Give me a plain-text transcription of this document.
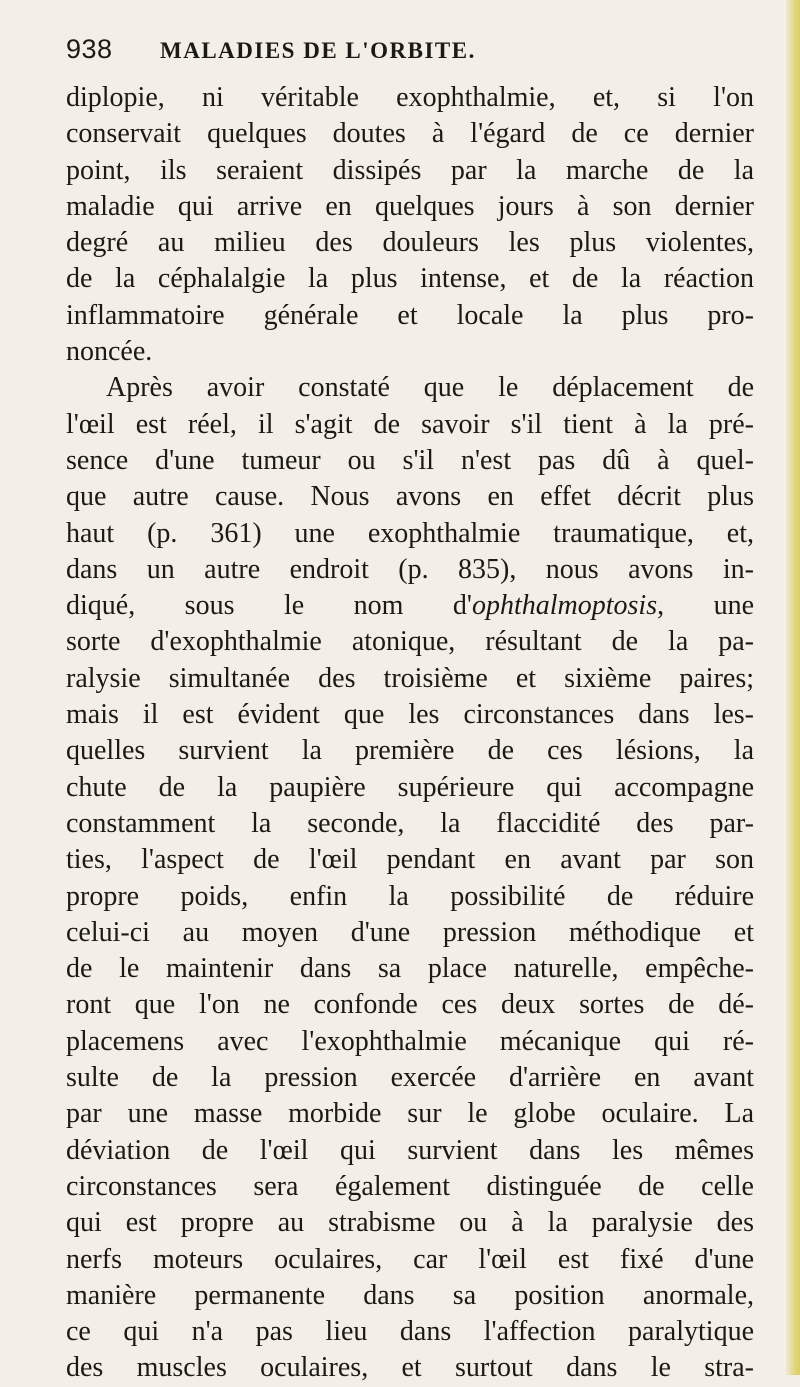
938	MALADIES DE L'ORBITE.
diplopie, ni véritable exophthalmie, et, si l'on
conservait quelques doutes à l'égard de ce dernier
point, ils seraient dissipés par la marche de la
maladie qui arrive en quelques jours à son dernier
degré au milieu des douleurs les plus violentes,
de la céphalalgie la plus intense, et de la réaction
inflammatoire générale et locale la plus pro-
noncée.
Après avoir constaté que le déplacement de
l'œil est réel, il s'agit de savoir s'il tient à la pré-
sence d'une tumeur ou s'il n'est pas dû à quel-
que autre cause. Nous avons en effet décrit plus
haut (p. 361) une exophthalmie traumatique, et,
dans un autre endroit (p. 835), nous avons in-
diqué, sous le nom d'ophthalmoptosis, une
sorte d'exophthalmie atonique, résultant de la pa-
ralysie simultanée des troisième et sixième paires;
mais il est évident que les circonstances dans les-
quelles survient la première de ces lésions, la
chute de la paupière supérieure qui accompagne
constamment la seconde, la flaccidité des par-
ties, l'aspect de l'œil pendant en avant par son
propre poids, enfin la possibilité de réduire
celui-ci au moyen d'une pression méthodique et
de le maintenir dans sa place naturelle, empêche-
ront que l'on ne confonde ces deux sortes de dé-
placemens avec l'exophthalmie mécanique qui ré-
sulte de la pression exercée d'arrière en avant
par une masse morbide sur le globe oculaire. La
déviation de l'œil qui survient dans les mêmes
circonstances sera également distinguée de celle
qui est propre au strabisme ou à la paralysie des
nerfs moteurs oculaires, car l'œil est fixé d'une
manière permanente dans sa position anormale,
ce qui n'a pas lieu dans l'affection paralytique
des muscles oculaires, et surtout dans le stra-
